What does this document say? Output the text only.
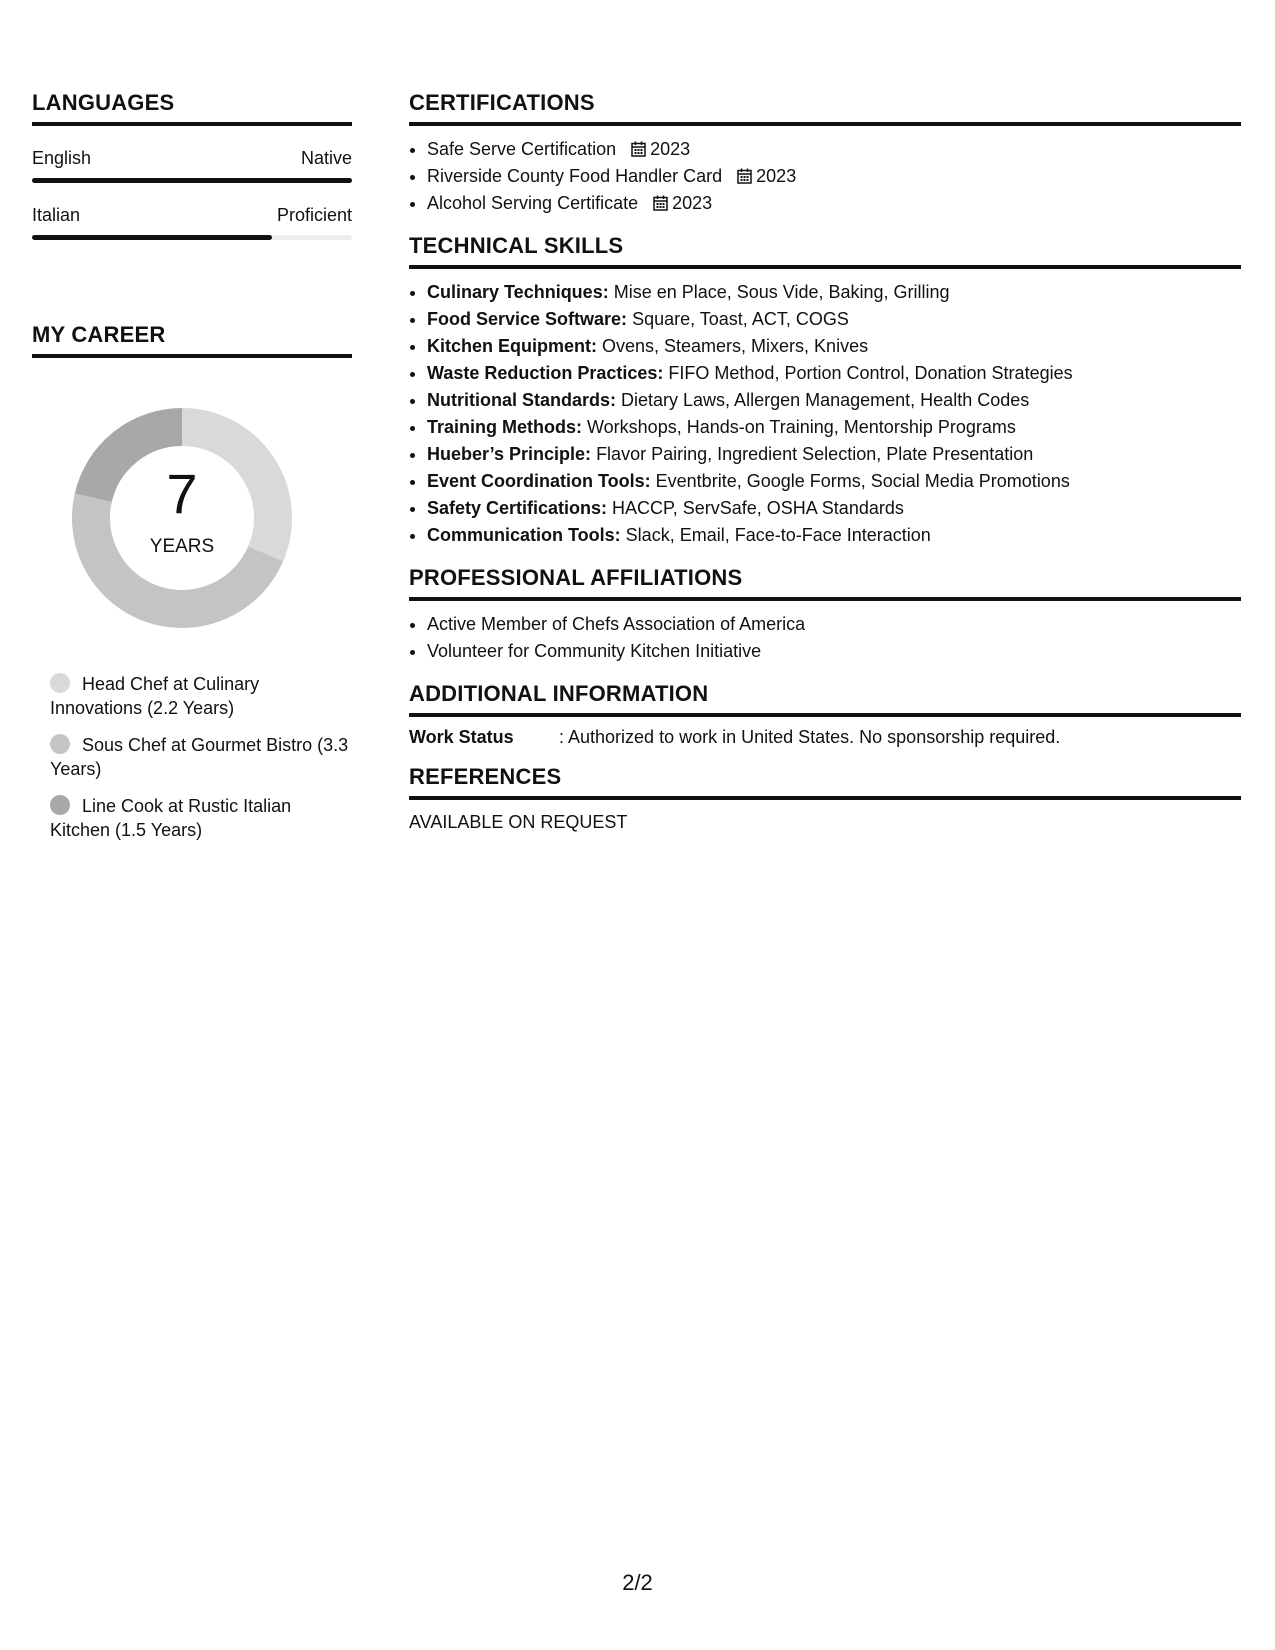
LANGUAGES
English	Native
Italian	Proficient
MY CAREER
7
YEARS
Head Chef at Culinary Innovations (2.2 Years)
Sous Chef at Gourmet Bistro (3.3 Years)
Line Cook at Rustic Italian Kitchen (1.5 Years)
CERTIFICATIONS
• Safe Serve Certification 2023
• Riverside County Food Handler Card 2023
• Alcohol Serving Certificate 2023
TECHNICAL SKILLS
• Culinary Techniques: Mise en Place, Sous Vide, Baking, Grilling
• Food Service Software: Square, Toast, ACT, COGS
• Kitchen Equipment: Ovens, Steamers, Mixers, Knives
• Waste Reduction Practices: FIFO Method, Portion Control, Donation Strategies
• Nutritional Standards: Dietary Laws, Allergen Management, Health Codes
• Training Methods: Workshops, Hands-on Training, Mentorship Programs
• Hueber’s Principle: Flavor Pairing, Ingredient Selection, Plate Presentation
• Event Coordination Tools: Eventbrite, Google Forms, Social Media Promotions
• Safety Certifications: HACCP, ServSafe, OSHA Standards
• Communication Tools: Slack, Email, Face-to-Face Interaction
PROFESSIONAL AFFILIATIONS
• Active Member of Chefs Association of America
• Volunteer for Community Kitchen Initiative
ADDITIONAL INFORMATION
Work Status	: Authorized to work in United States. No sponsorship required.
REFERENCES
AVAILABLE ON REQUEST
2/2
